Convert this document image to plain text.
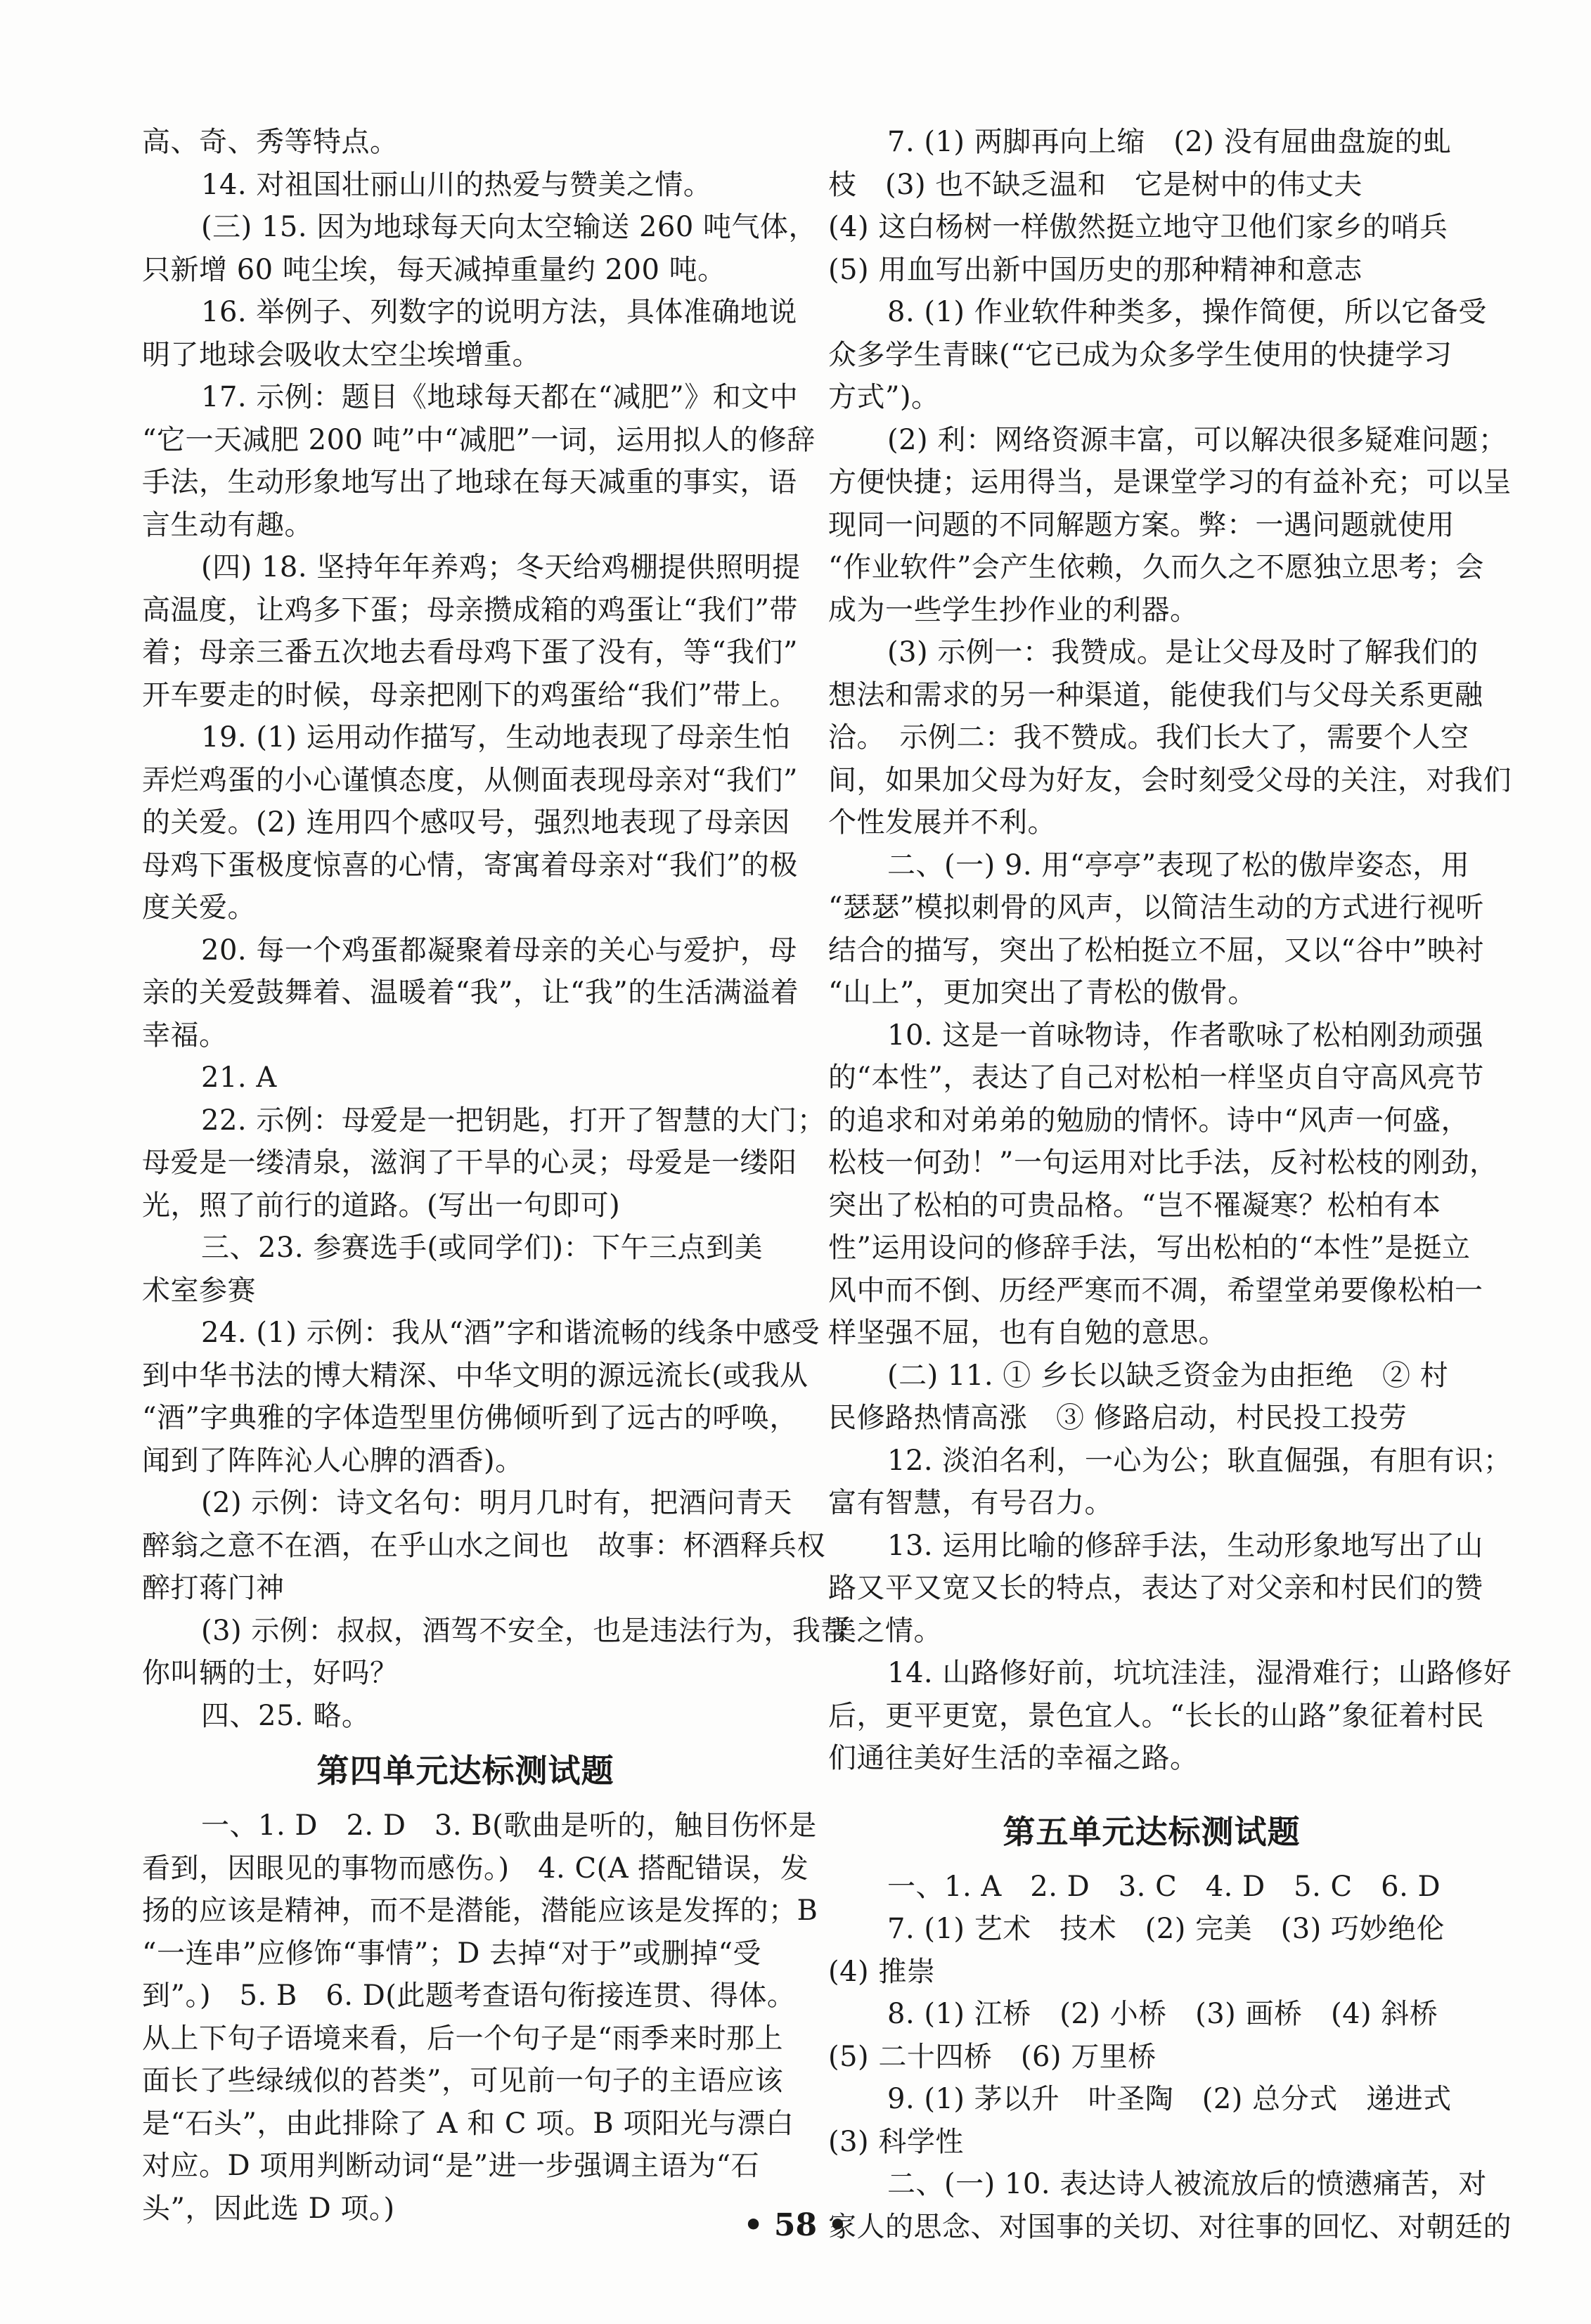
高、奇、秀等特点。
14. 对祖国壮丽山川的热爱与赞美之情。
(三) 15. 因为地球每天向太空输送 260 吨气体，
只新增 60 吨尘埃，每天减掉重量约 200 吨。
16. 举例子、列数字的说明方法，具体准确地说
明了地球会吸收太空尘埃增重。
17. 示例：题目《地球每天都在“减肥”》和文中
“它一天减肥 200 吨”中“减肥”一词，运用拟人的修辞
手法，生动形象地写出了地球在每天减重的事实，语
言生动有趣。
(四) 18. 坚持年年养鸡；冬天给鸡棚提供照明提
高温度，让鸡多下蛋；母亲攒成箱的鸡蛋让“我们”带
着；母亲三番五次地去看母鸡下蛋了没有，等“我们”
开车要走的时候，母亲把刚下的鸡蛋给“我们”带上。
19. (1) 运用动作描写，生动地表现了母亲生怕
弄烂鸡蛋的小心谨慎态度，从侧面表现母亲对“我们”
的关爱。(2) 连用四个感叹号，强烈地表现了母亲因
母鸡下蛋极度惊喜的心情，寄寓着母亲对“我们”的极
度关爱。
20. 每一个鸡蛋都凝聚着母亲的关心与爱护，母
亲的关爱鼓舞着、温暖着“我”，让“我”的生活满溢着
幸福。
21. A
22. 示例：母爱是一把钥匙，打开了智慧的大门；
母爱是一缕清泉，滋润了干旱的心灵；母爱是一缕阳
光，照了前行的道路。(写出一句即可)
三、23. 参赛选手(或同学们)：下午三点到美
术室参赛
24. (1) 示例：我从“酒”字和谐流畅的线条中感受
到中华书法的博大精深、中华文明的源远流长(或我从
“酒”字典雅的字体造型里仿佛倾听到了远古的呼唤，
闻到了阵阵沁人心脾的酒香)。
(2) 示例：诗文名句：明月几时有，把酒问青天
醉翁之意不在酒，在乎山水之间也　故事：杯酒释兵权
醉打蒋门神
(3) 示例：叔叔，酒驾不安全，也是违法行为，我帮
你叫辆的士，好吗？
四、25. 略。
第四单元达标测试题
一、1. D　2. D　3. B(歌曲是听的，触目伤怀是
看到，因眼见的事物而感伤。)　4. C(A 搭配错误，发
扬的应该是精神，而不是潜能，潜能应该是发挥的；B
“一连串”应修饰“事情”；D 去掉“对于”或删掉“受
到”。)　5. B　6. D(此题考查语句衔接连贯、得体。
从上下句子语境来看，后一个句子是“雨季来时那上
面长了些绿绒似的苔类”，可见前一句子的主语应该
是“石头”，由此排除了 A 和 C 项。B 项阳光与漂白
对应。D 项用判断动词“是”进一步强调主语为“石
头”，因此选 D 项。)
7. (1) 两脚再向上缩　(2) 没有屈曲盘旋的虬
枝　(3) 也不缺乏温和　它是树中的伟丈夫
(4) 这白杨树一样傲然挺立地守卫他们家乡的哨兵
(5) 用血写出新中国历史的那种精神和意志
8. (1) 作业软件种类多，操作简便，所以它备受
众多学生青睐(“它已成为众多学生使用的快捷学习
方式”)。
(2) 利：网络资源丰富，可以解决很多疑难问题；
方便快捷；运用得当，是课堂学习的有益补充；可以呈
现同一问题的不同解题方案。弊：一遇问题就使用
“作业软件”会产生依赖，久而久之不愿独立思考；会
成为一些学生抄作业的利器。
(3) 示例一：我赞成。是让父母及时了解我们的
想法和需求的另一种渠道，能使我们与父母关系更融
洽。　示例二：我不赞成。我们长大了，需要个人空
间，如果加父母为好友，会时刻受父母的关注，对我们
个性发展并不利。
二、(一) 9. 用“亭亭”表现了松的傲岸姿态，用
“瑟瑟”模拟刺骨的风声，以简洁生动的方式进行视听
结合的描写，突出了松柏挺立不屈，又以“谷中”映衬
“山上”，更加突出了青松的傲骨。
10. 这是一首咏物诗，作者歌咏了松柏刚劲顽强
的“本性”，表达了自己对松柏一样坚贞自守高风亮节
的追求和对弟弟的勉励的情怀。诗中“风声一何盛，
松枝一何劲！”一句运用对比手法，反衬松枝的刚劲，
突出了松柏的可贵品格。“岂不罹凝寒？松柏有本
性”运用设问的修辞手法，写出松柏的“本性”是挺立
风中而不倒、历经严寒而不凋，希望堂弟要像松柏一
样坚强不屈，也有自勉的意思。
(二) 11. ① 乡长以缺乏资金为由拒绝　② 村
民修路热情高涨　③ 修路启动，村民投工投劳
12. 淡泊名利，一心为公；耿直倔强，有胆有识；
富有智慧，有号召力。
13. 运用比喻的修辞手法，生动形象地写出了山
路又平又宽又长的特点，表达了对父亲和村民们的赞
美之情。
14. 山路修好前，坑坑洼洼，湿滑难行；山路修好
后，更平更宽，景色宜人。“长长的山路”象征着村民
们通往美好生活的幸福之路。
第五单元达标测试题
一、1. A　2. D　3. C　4. D　5. C　6. D
7. (1) 艺术　技术　(2) 完美　(3) 巧妙绝伦
(4) 推崇
8. (1) 江桥　(2) 小桥　(3) 画桥　(4) 斜桥
(5) 二十四桥　(6) 万里桥
9. (1) 茅以升　叶圣陶　(2) 总分式　递进式
(3) 科学性
二、(一) 10. 表达诗人被流放后的愤懑痛苦，对
家人的思念、对国事的关切、对往事的回忆、对朝廷的
• 58 •
